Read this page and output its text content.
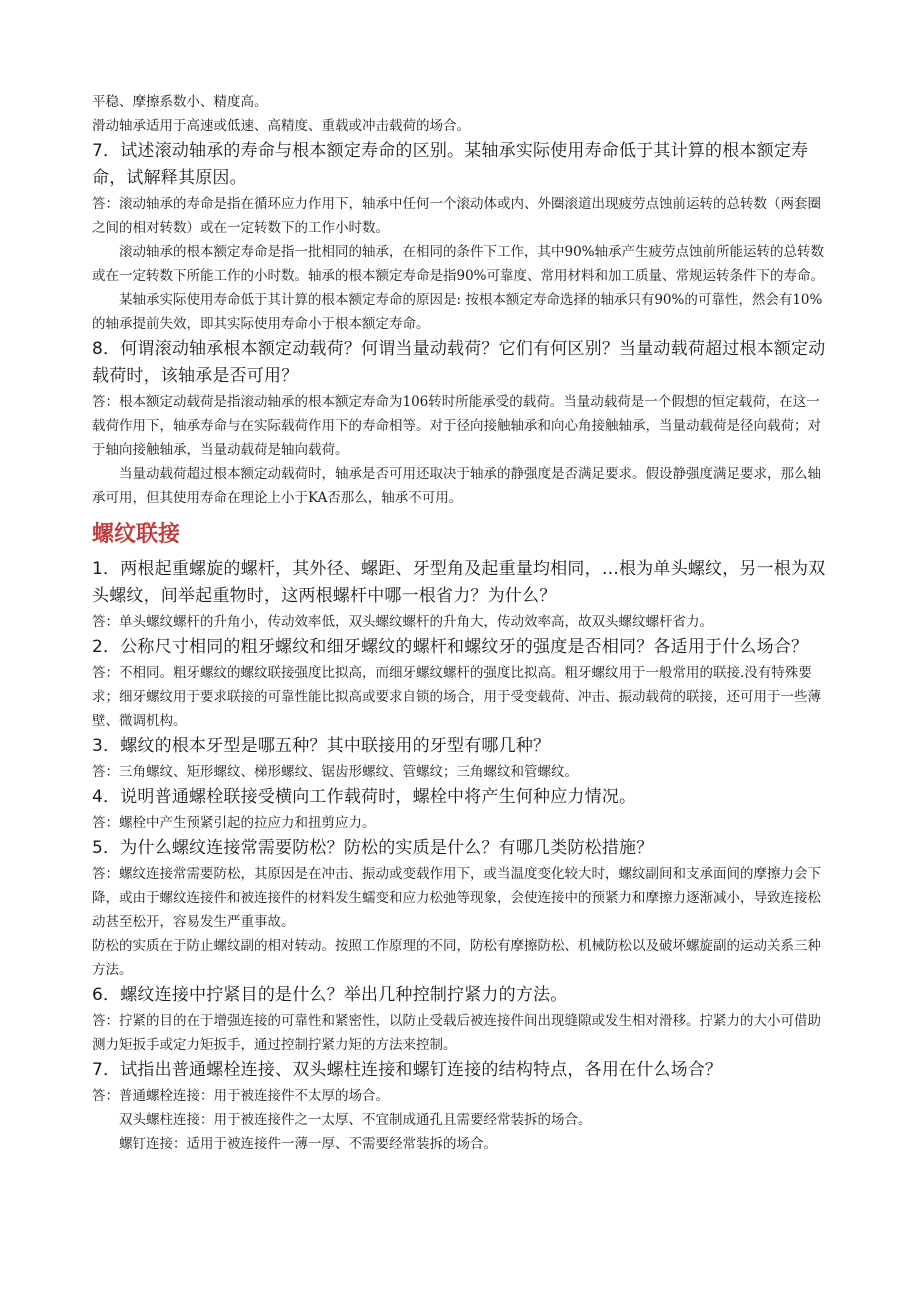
平稳、摩擦系数小、精度高。

滑动轴承适用于高速或低速、高精度、重载或冲击载荷的场合。

7．试述滚动轴承的寿命与根本额定寿命的区别。某轴承实际使用寿命低于其计算的根本额定寿命，试解释其原因。

答：滚动轴承的寿命是指在循环应力作用下，轴承中任何一个滚动体或内、外圈滚道出现疲劳点蚀前运转的总转数（两套圈之间的相对转数）或在一定转数下的工作小时数。

滚动轴承的根本额定寿命是指一批相同的轴承，在相同的条件下工作，其中90%轴承产生疲劳点蚀前所能运转的总转数或在一定转数下所能工作的小时数。轴承的根本额定寿命是指90%可靠度、常用材料和加工质量、常规运转条件下的寿命。

某轴承实际使用寿命低于其计算的根本额定寿命的原因是: 按根本额定寿命选择的轴承只有90%的可靠性，然会有10%的轴承提前失效，即其实际使用寿命小于根本额定寿命。

8．何谓滚动轴承根本额定动载荷？何谓当量动载荷？它们有何区别？当量动载荷超过根本额定动载荷时，该轴承是否可用？

答：根本额定动载荷是指滚动轴承的根本额定寿命为106转时所能承受的载荷。当量动载荷是一个假想的恒定载荷，在这一载荷作用下，轴承寿命与在实际载荷作用下的寿命相等。对于径向接触轴承和向心角接触轴承，当量动载荷是径向载荷；对于轴向接触轴承，当量动载荷是轴向载荷。

当量动载荷超过根本额定动载荷时，轴承是否可用还取决于轴承的静强度是否满足要求。假设静强度满足要求，那么轴承可用，但其使用寿命在理论上小于KA否那么，轴承不可用。

螺纹联接

1．两根起重螺旋的螺杆，其外径、螺距、牙型角及起重量均相同，…根为单头螺纹，另一根为双头螺纹，间举起重物时，这两根螺杆中哪一根省力？为什么？

答：单头螺纹螺杆的升角小，传动效率低，双头螺纹螺杆的升角大，传动效率高，故双头螺纹螺杆省力。

2．公称尺寸相同的粗牙螺纹和细牙螺纹的螺杆和螺纹牙的强度是否相同？各适用于什么场合？

答：不相同。粗牙螺纹的螺纹联接强度比拟高，而细牙螺纹螺杆的强度比拟高。粗牙螺纹用于一般常用的联接.没有特殊要求；细牙螺纹用于要求联接的可靠性能比拟高或要求自锁的场合，用于受变载荷、冲击、振动载荷的联接，还可用于一些薄壁、微调机构。

3．螺纹的根本牙型是哪五种？其中联接用的牙型有哪几种？

答：三角螺纹、矩形螺纹、梯形螺纹、锯齿形螺纹、管螺纹；三角螺纹和管螺纹。

4．说明普通螺栓联接受横向工作载荷时，螺栓中将产生何种应力情况。

答：螺栓中产生预紧引起的拉应力和扭剪应力。

5．为什么螺纹连接常需要防松？防松的实质是什么？有哪几类防松措施？

答：螺纹连接常需要防松，其原因是在冲击、振动或变载作用下，或当温度变化较大时，螺纹副间和支承面间的摩擦力会下降，或由于螺纹连接件和被连接件的材料发生蠕变和应力松弛等现象，会使连接中的预紧力和摩擦力逐渐减小，导致连接松动甚至松开，容易发生严重事故。

防松的实质在于防止螺纹副的相对转动。按照工作原理的不同，防松有摩擦防松、机械防松以及破坏螺旋副的运动关系三种方法。

6．螺纹连接中拧紧目的是什么？举出几种控制拧紧力的方法。

答：拧紧的目的在于增强连接的可靠性和紧密性，以防止受载后被连接件间出现缝隙或发生相对滑移。拧紧力的大小可借助测力矩扳手或定力矩扳手，通过控制拧紧力矩的方法来控制。

7．试指出普通螺栓连接、双头螺柱连接和螺钉连接的结构特点，各用在什么场合？

答：普通螺栓连接：用于被连接件不太厚的场合。

双头螺柱连接：用于被连接件之一太厚、不宜制成通孔且需要经常装拆的场合。

螺钉连接：适用于被连接件一薄一厚、不需要经常装拆的场合。
